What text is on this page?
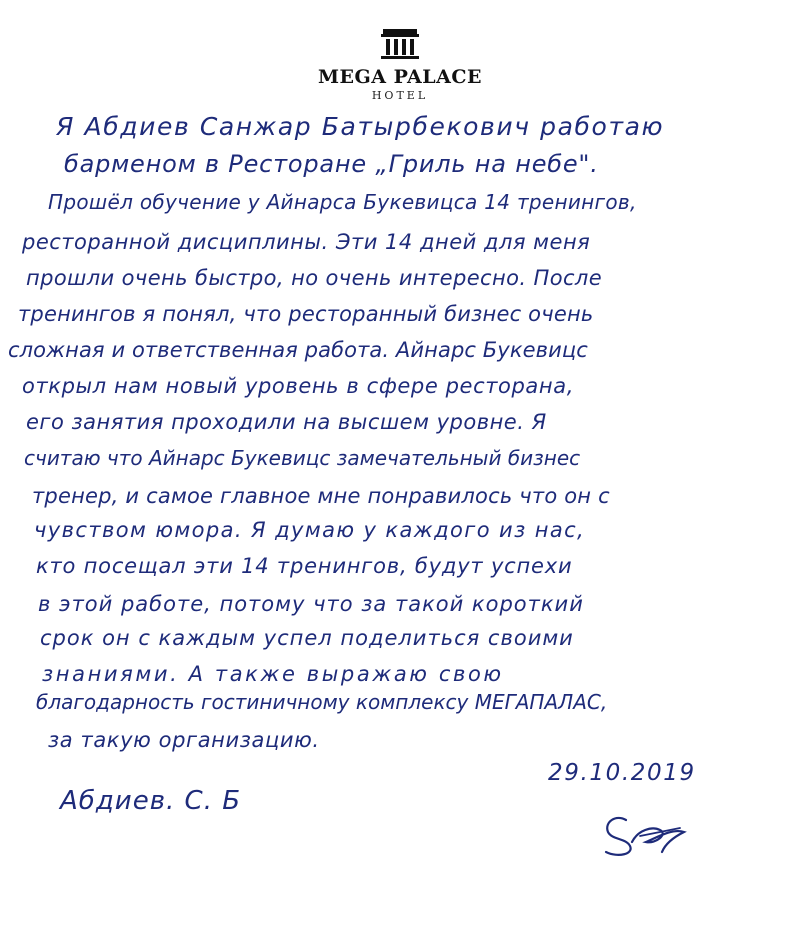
MEGA PALACE
HOTEL

Я Абдиев Санжар Батырбекович работаю

барменом в Ресторане „Гриль на небе".

Прошёл обучение у Айнарса Букевицса 14 тренингов,

ресторанной дисциплины. Эти 14 дней для меня

прошли очень быстро, но очень интересно. После

тренингов я понял, что ресторанный бизнес очень

сложная и ответственная работа. Айнарс Букевицс

открыл нам новый уровень в сфере ресторана,

его занятия проходили на высшем уровне. Я

считаю что Айнарс Букевицс замечательный бизнес

тренер, и самое главное мне понравилось что он с

чувством юмора. Я думаю у каждого из нас,

кто посещал эти 14 тренингов, будут успехи

в этой работе, потому что за такой короткий

срок он с каждым успел поделиться своими

знаниями. А также выражаю свою

благодарность гостиничному комплексу МЕГАПАЛАС,

за такую организацию.

29.10.2019

Абдиев. С. Б
